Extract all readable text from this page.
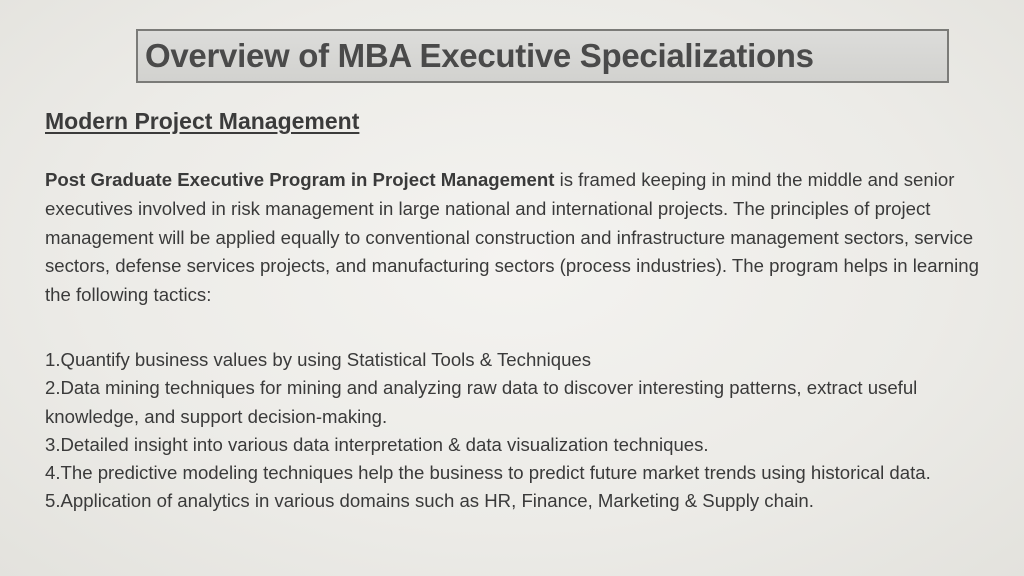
Overview of MBA Executive Specializations
Modern Project Management

Post Graduate Executive Program in Project Management is framed keeping in mind the middle and senior executives involved in risk management in large national and international projects. The principles of project management will be applied equally to conventional construction and infrastructure management sectors, service sectors, defense services projects, and manufacturing sectors (process industries). The program helps in learning the following tactics:

1.Quantify business values by using Statistical Tools & Techniques
2.Data mining techniques for mining and analyzing raw data to discover interesting patterns, extract useful knowledge, and support decision-making.
3.Detailed insight into various data interpretation & data visualization techniques.
4.The predictive modeling techniques help the business to predict future market trends using historical data.
5.Application of analytics in various domains such as HR, Finance, Marketing & Supply chain.
